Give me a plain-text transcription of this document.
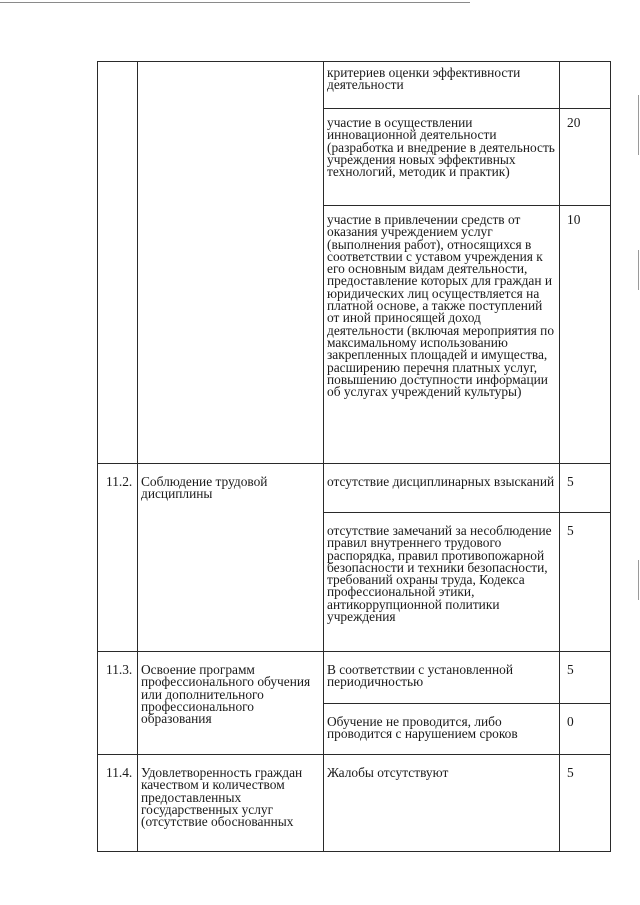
		критериев оценки эффективности деятельности	

		участие в осуществлении инновационной деятельности (разработка и внедрение в деятельность учреждения новых эффективных технологий, методик и практик)	20

		участие в привлечении средств от оказания учреждением услуг (выполнения работ), относящихся в соответствии с уставом учреждения к его основным видам деятельности, предоставление которых для граждан и юридических лиц осуществляется на платной основе, а также поступлений от иной приносящей доход деятельности (включая мероприятия по максимальному использованию закрепленных площадей и имущества, расширению перечня платных услуг, повышению доступности информации об услугах учреждений культуры)	10

11.2.	Соблюдение трудовой дисциплины	отсутствие дисциплинарных взысканий	5

		отсутствие замечаний за несоблюдение правил внутреннего трудового распорядка, правил противопожарной безопасности и техники безопасности, требований охраны труда, Кодекса профессиональной этики, антикоррупционной политики учреждения	5

11.3.	Освоение программ профессионального обучения или дополнительного профессионального образования	В соответствии с установленной периодичностью	5

		Обучение не проводится, либо проводится с нарушением сроков	0

11.4.	Удовлетворенность граждан качеством и количеством предоставленных государственных услуг (отсутствие обоснованных	Жалобы отсутствуют	5
